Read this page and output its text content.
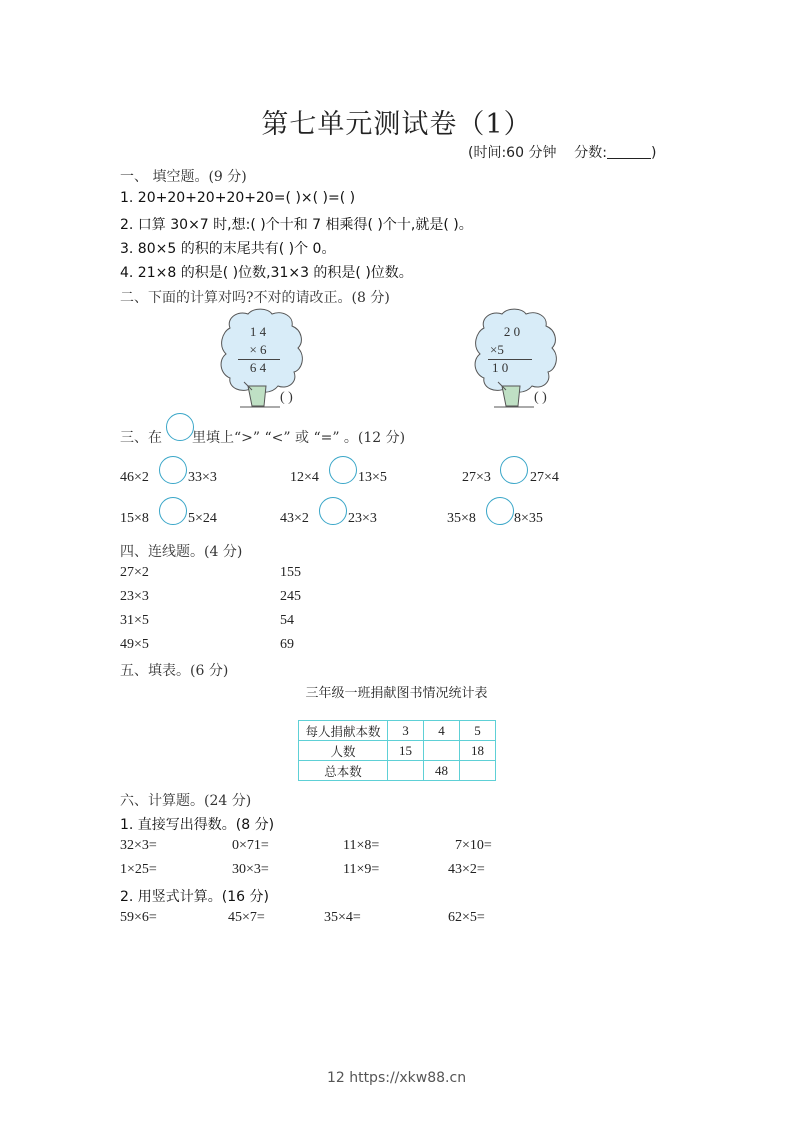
第七单元测试卷（1）
(时间:60 分钟 分数:	)
一、 填空题。(9 分)
1. 20+20+20+20+20=( )×( )=( )
2. 口算 30×7 时,想:( )个十和 7 相乘得( )个十,就是( )。
3. 80×5 的积的末尾共有( )个 0。
4. 21×8 的积是( )位数,31×3 的积是( )位数。
二、下面的计算对吗?不对的请改正。(8 分)
1 4
× 6
6 4
( )
2 0
×5
1 0
( )
三、在 里填上“>” “<” 或 “=” 。(12 分)
46×2	33×3	12×4	13×5	27×3	27×4
15×8	5×24	43×2	23×3	35×8	8×35
四、连线题。(4 分)
27×2
23×3
31×5
49×5
155
245
54
69
五、填表。(6 分)
三年级一班捐献图书情况统计表
每人捐献本数	3	4	5
人数	15		18
总本数		48	
六、计算题。(24 分)
1. 直接写出得数。(8 分)
32×3=	0×71=	11×8=	7×10=
1×25=	30×3=	11×9=	43×2=
2. 用竖式计算。(16 分)
59×6=	45×7=	35×4=	62×5=
12 https://xkw88.cn
